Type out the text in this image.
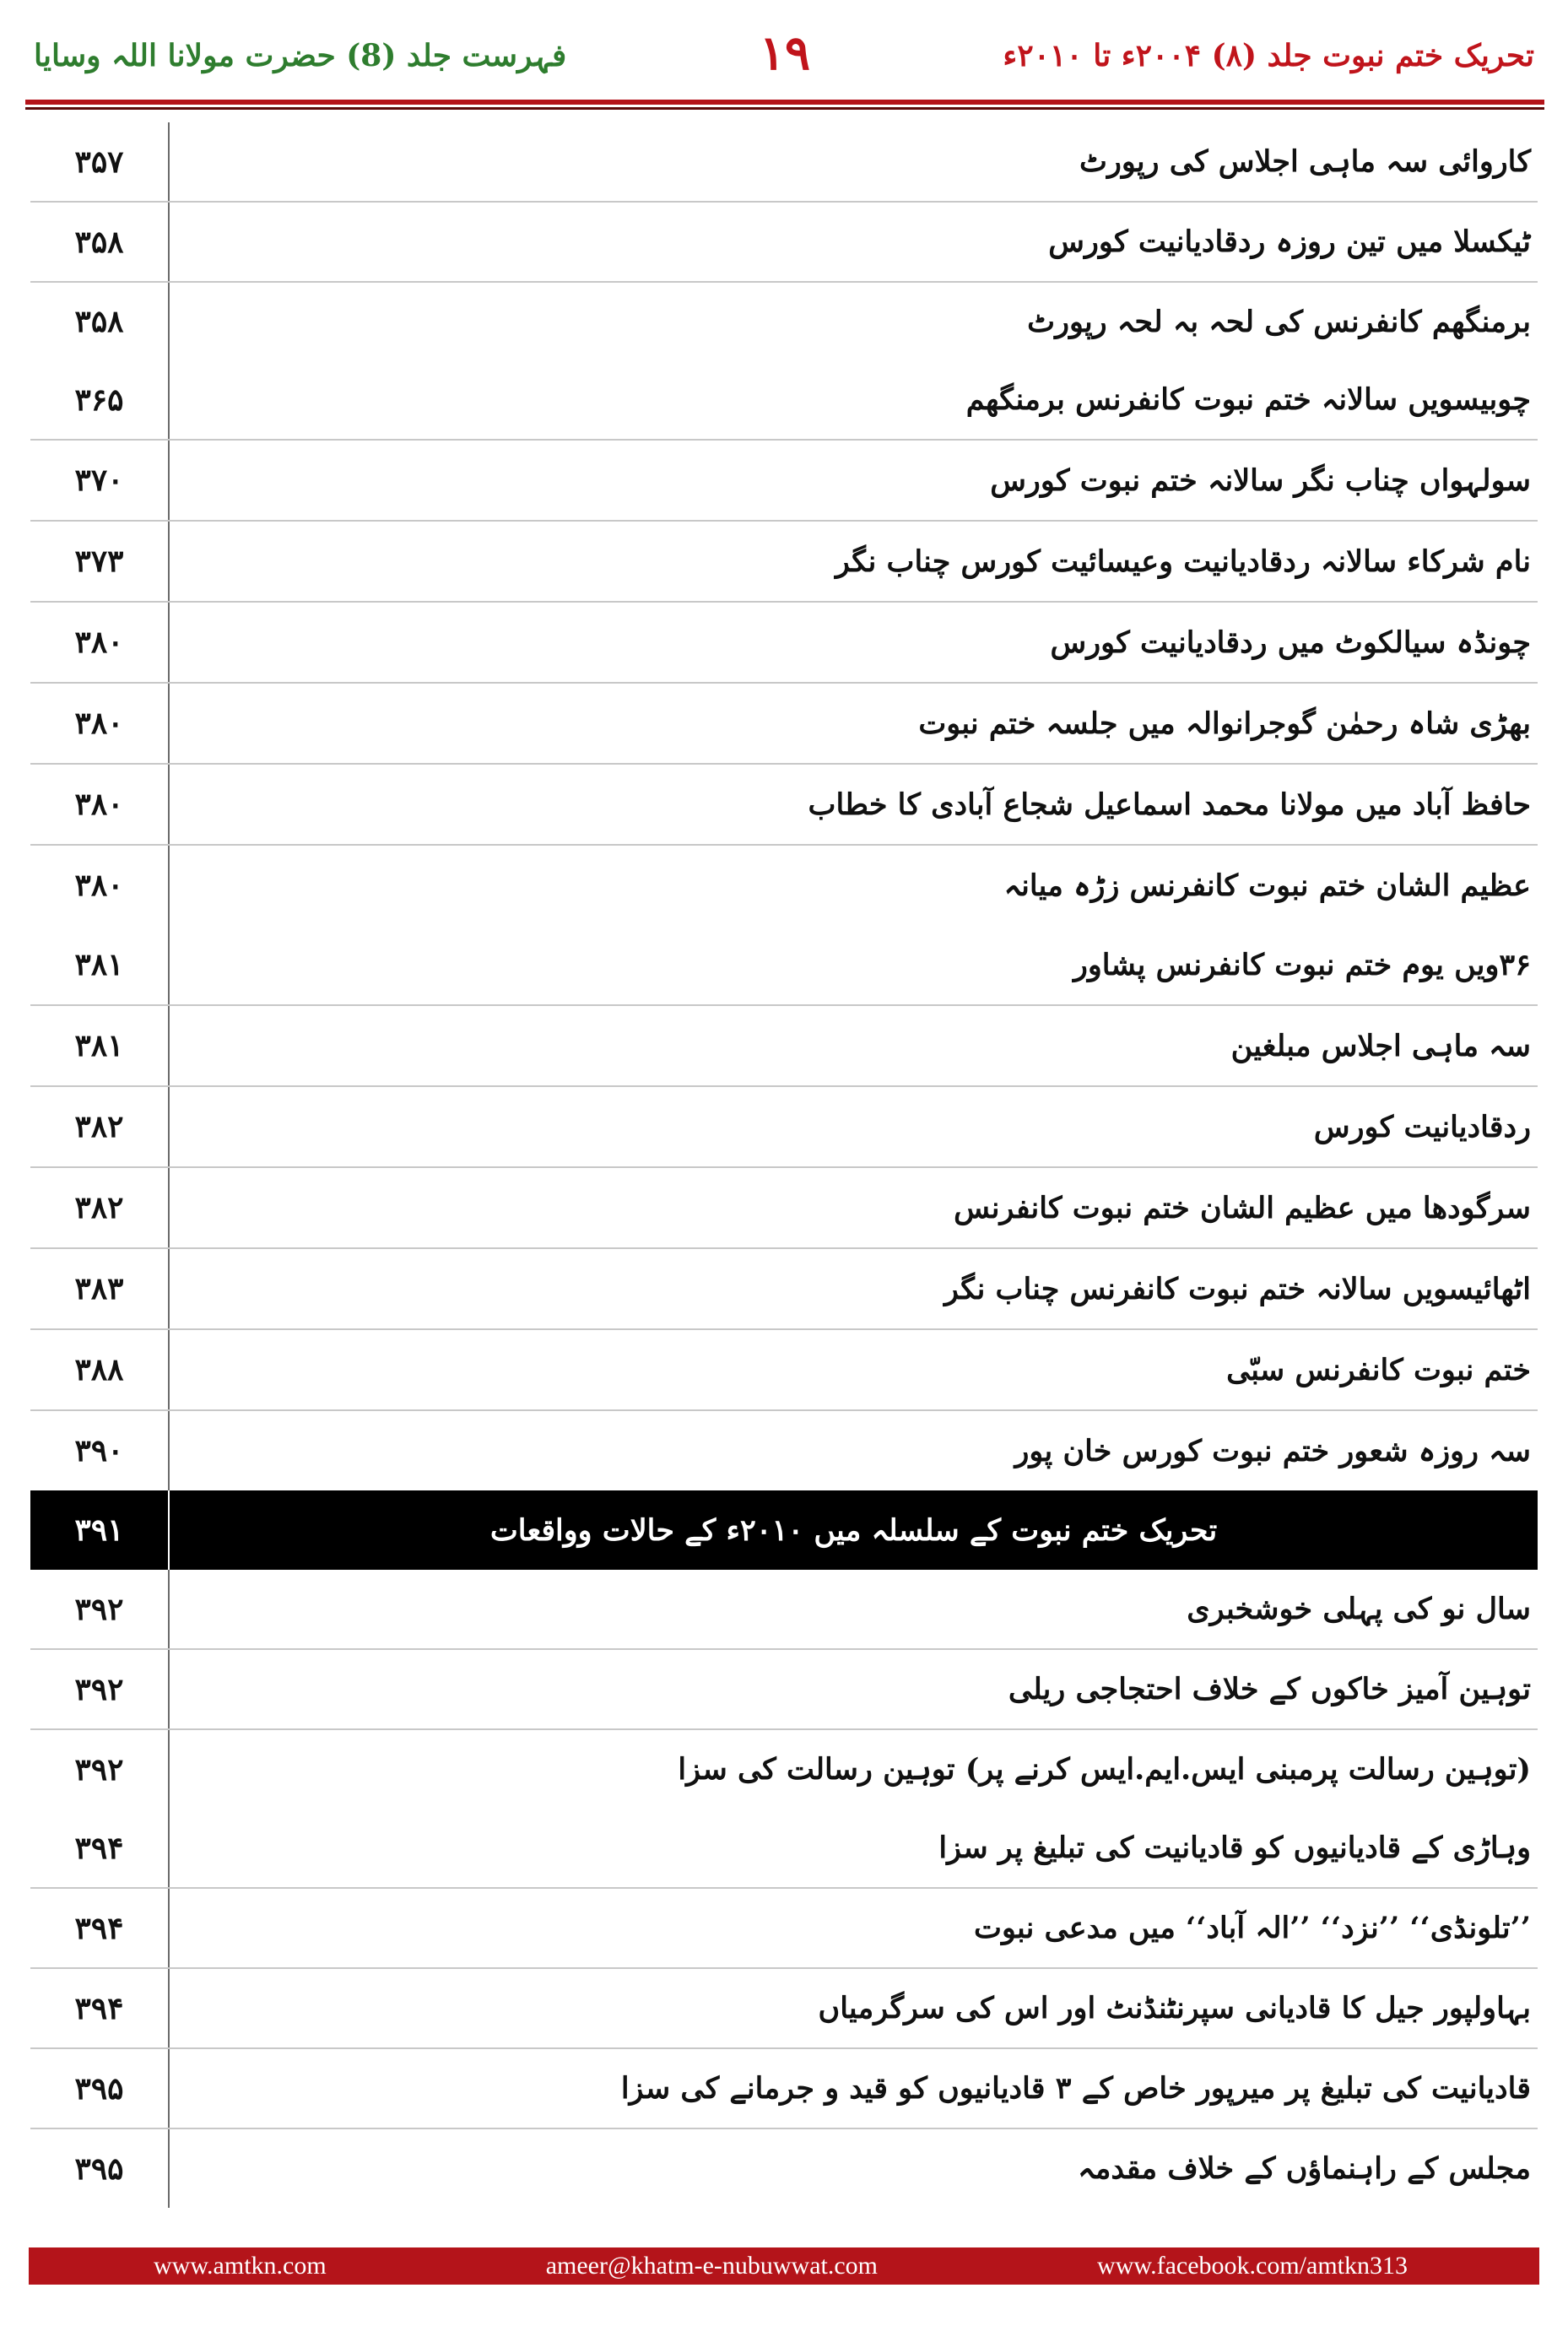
فہرست جلد (8) حضرت مولانا اللہ وسایا	۱۹	تحریک ختم نبوت جلد (۸) ۲۰۰۴ء تا ۲۰۱۰ء
۳۵۷	کاروائی سہ ماہی اجلاس کی رپورٹ
۳۵۸	ٹیکسلا میں تین روزہ ردقادیانیت کورس
۳۵۸	برمنگھم کانفرنس کی لحہ بہ لحہ رپورٹ
۳۶۵	چوبیسویں سالانہ ختم نبوت کانفرنس برمنگھم
۳۷۰	سولہواں چناب نگر سالانہ ختم نبوت کورس
۳۷۳	نام شرکاء سالانہ ردقادیانیت وعیسائیت کورس چناب نگر
۳۸۰	چونڈہ سیالکوٹ میں ردقادیانیت کورس
۳۸۰	بھڑی شاہ رحمٰن گوجرانوالہ میں جلسہ ختم نبوت
۳۸۰	حافظ آباد میں مولانا محمد اسماعیل شجاع آبادی کا خطاب
۳۸۰	عظیم الشان ختم نبوت کانفرنس زڑہ میانہ
۳۸۱	۳۶ویں یوم ختم نبوت کانفرنس پشاور
۳۸۱	سہ ماہی اجلاس مبلغین
۳۸۲	ردقادیانیت کورس
۳۸۲	سرگودھا میں عظیم الشان ختم نبوت کانفرنس
۳۸۳	اٹھائیسویں سالانہ ختم نبوت کانفرنس چناب نگر
۳۸۸	ختم نبوت کانفرنس سبّی
۳۹۰	سہ روزہ شعور ختم نبوت کورس خان پور
۳۹۱	تحریک ختم نبوت کے سلسلہ میں ۲۰۱۰ء کے حالات وواقعات
۳۹۲	سال نو کی پہلی خوشخبری
۳۹۲	توہین آمیز خاکوں کے خلاف احتجاجی ریلی
۳۹۲	(توہین رسالت پرمبنی ایس.ایم.ایس کرنے پر) توہین رسالت کی سزا
۳۹۴	وہاڑی کے قادیانیوں کو قادیانیت کی تبلیغ پر سزا
۳۹۴	’’تلونڈی‘‘ ’’نزد‘‘ ’’الہ آباد‘‘ میں مدعی نبوت
۳۹۴	بہاولپور جیل کا قادیانی سپرنٹنڈنٹ اور اس کی سرگرمیاں
۳۹۵	قادیانیت کی تبلیغ پر میرپور خاص کے ۳ قادیانیوں کو قید و جرمانے کی سزا
۳۹۵	مجلس کے راہنماؤں کے خلاف مقدمہ
www.amtkn.com	ameer@khatm-e-nubuwwat.com	www.facebook.com/amtkn313
